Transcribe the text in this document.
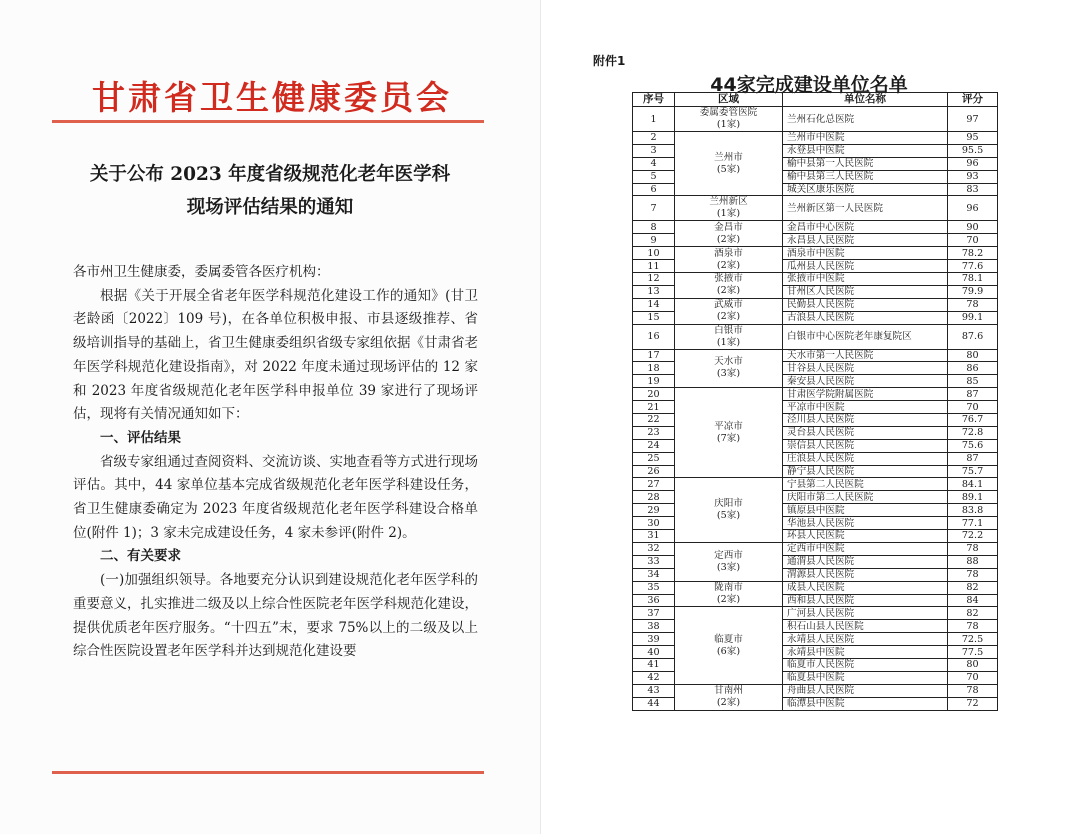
甘肃省卫生健康委员会
关于公布 2023 年度省级规范化老年医学科
现场评估结果的通知

各市州卫生健康委，委属委管各医疗机构：

根据《关于开展全省老年医学科规范化建设工作的通知》(甘卫老龄函〔2022〕109 号)，在各单位积极申报、市县逐级推荐、省级培训指导的基础上，省卫生健康委组织省级专家组依据《甘肃省老年医学科规范化建设指南》，对 2022 年度未通过现场评估的 12 家和 2023 年度省级规范化老年医学科申报单位 39 家进行了现场评估，现将有关情况通知如下：

一、评估结果

省级专家组通过查阅资料、交流访谈、实地查看等方式进行现场评估。其中，44 家单位基本完成省级规范化老年医学科建设任务，省卫生健康委确定为 2023 年度省级规范化老年医学科建设合格单位(附件 1)；3 家未完成建设任务，4 家未参评(附件 2)。

二、有关要求

(一)加强组织领导。各地要充分认识到建设规范化老年医学科的重要意义，扎实推进二级及以上综合性医院老年医学科规范化建设，提供优质老年医疗服务。“十四五”末，要求 75%以上的二级及以上综合性医院设置老年医学科并达到规范化建设要

附件1
44家完成建设单位名单
序号	区域	单位名称	评分
1	委属委管医院
(1家)	兰州石化总医院	97
2	兰州市
(5家)	兰州市中医院	95
3		永登县中医院	95.5
4		榆中县第一人民医院	96
5		榆中县第三人民医院	93
6		城关区康乐医院	83
7	兰州新区
(1家)	兰州新区第一人民医院	96
8	金昌市
(2家)	金昌市中心医院	90
9		永昌县人民医院	70
10	酒泉市
(2家)	酒泉市中医院	78.2
11		瓜州县人民医院	77.6
12	张掖市
(2家)	张掖市中医院	78.1
13		甘州区人民医院	79.9
14	武威市
(2家)	民勤县人民医院	78
15		古浪县人民医院	99.1
16	白银市
(1家)	白银市中心医院老年康复院区	87.6
17	天水市
(3家)	天水市第一人民医院	80
18		甘谷县人民医院	86
19		秦安县人民医院	85
20	平凉市
(7家)	甘肃医学院附属医院	87
21		平凉市中医院	70
22		泾川县人民医院	76.7
23		灵台县人民医院	72.8
24		崇信县人民医院	75.6
25		庄浪县人民医院	87
26		静宁县人民医院	75.7
27	庆阳市
(5家)	宁县第二人民医院	84.1
28		庆阳市第二人民医院	89.1
29		镇原县中医院	83.8
30		华池县人民医院	77.1
31		环县人民医院	72.2
32	定西市
(3家)	定西市中医院	78
33		通渭县人民医院	88
34		渭源县人民医院	78
35	陇南市
(2家)	成县人民医院	82
36		西和县人民医院	84
37	临夏市
(6家)	广河县人民医院	82
38		积石山县人民医院	78
39		永靖县人民医院	72.5
40		永靖县中医院	77.5
41		临夏市人民医院	80
42		临夏县中医院	70
43	甘南州
(2家)	舟曲县人民医院	78
44		临潭县中医院	72
